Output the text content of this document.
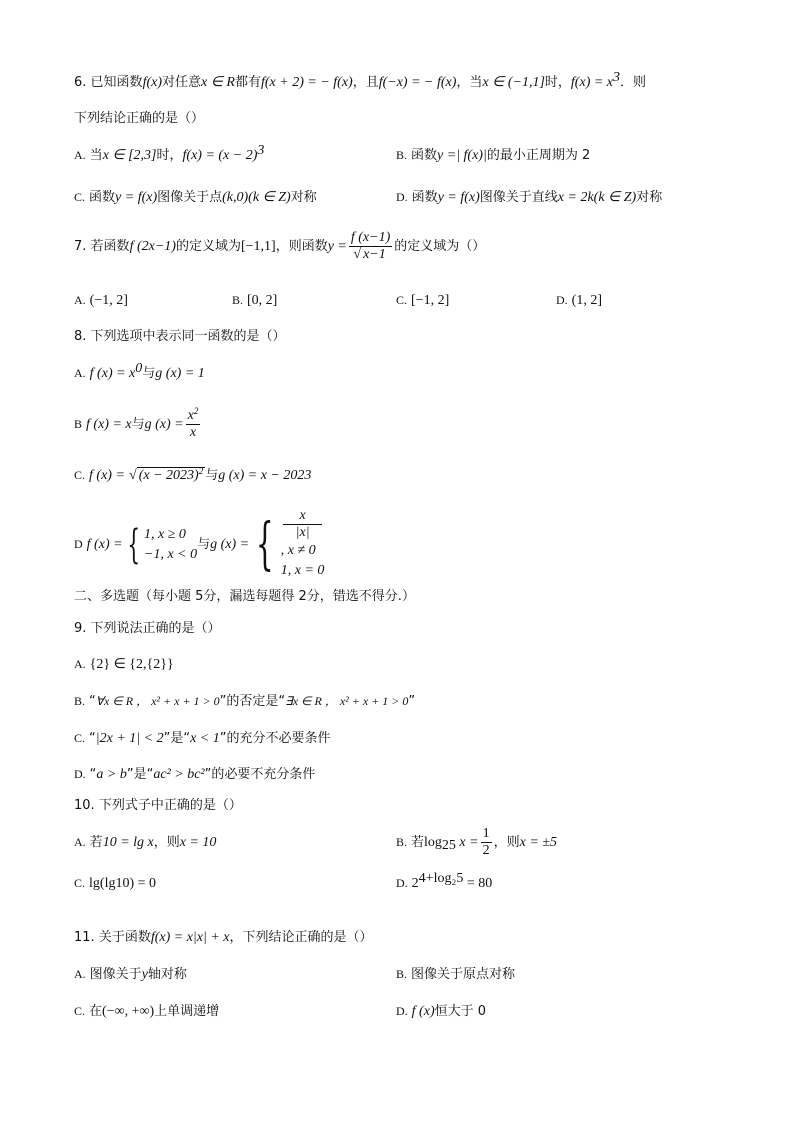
6. 已知函数f(x)对任意x ∈ R都有f(x + 2) = − f(x)，且f(−x) = − f(x)，当x ∈ (−1,1]时，$f(x) = x^3$．则
下列结论正确的是（）
A. 当x ∈ [2,3]时，$f(x) = (x - 2)^3$	B. 函数y =| f(x)|的最小正周期为 2
C. 函数y = f(x)图像关于点(k,0)(k ∈ Z)对称	D. 函数y = f(x)图像关于直线x = 2k(k ∈ Z)对称
7. 若函数f (2x−1)的定义域为[−1,1]，则函数$y = \frac{f (x-1)}{√ x-1}$ 的定义域为（）
A. (−1, 2]	B. [0, 2]	C. [−1, 2]	D. (1, 2]
8. 下列选项中表示同一函数的是（）
A. f $(x) = x^0$与g (x) = 1
B f (x) = x与g $(x) = \frac{x^2}{x}$
C. f (x) = √ $(x - 2023)^2$ 与g (x) = x − 2023
D f (x) = { 1, x ≥ 0
−1, x < 0
与g (x) = {	x
|x|
, x ≠ 0
1, x = 0
二、多选题（每小题 5分，漏选每题得 2分，错选不得分.）
9. 下列说法正确的是（）
A. {2} ∈ {2,{2}}
B. “∀x ∈ R ， x² + x + 1 > 0”的否定是“∃x ∈ R ， x² + x + 1 > 0”
C. “|2x + 1| < 2”是“x < 1”的充分不必要条件
D. “a > b”是“ac² > bc²”的必要不充分条件
10. 下列式子中正确的是（）
A. 若10 = lg x，则x = 10	B. 若$\log_{25} x = \frac{1}{2}$ ，则x = ±5
C. lg(lg10) = 0	D. $2^{4+log_25} = 80$
11. 关于函数f(x) = x|x| + x，下列结论正确的是（）
A. 图像关于y轴对称	B. 图像关于原点对称
C. 在(−∞, +∞)上单调递增	D. f (x)恒大于 0
